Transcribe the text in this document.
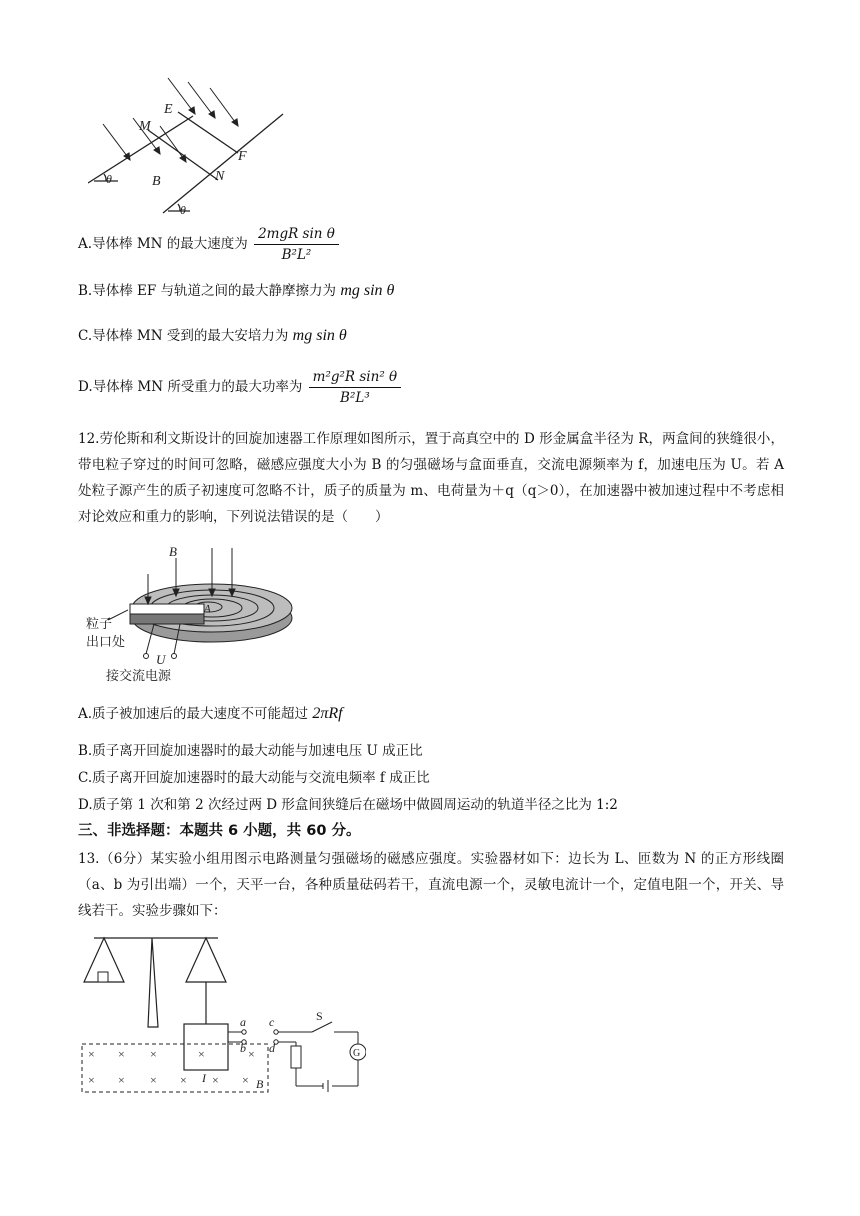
M
E
F
N
B
θ
θ
A.导体棒 MN 的最大速度为 $\frac{\text{2mgR sin θ}}{\text{B²L²}}$
B.导体棒 EF 与轨道之间的最大静摩擦力为 mg sin θ
C.导体棒 MN 受到的最大安培力为 mg sin θ
D.导体棒 MN 所受重力的最大功率为 $\frac{\text{m²g²R sin² θ}}{\text{B²L³}}$
12.劳伦斯和利文斯设计的回旋加速器工作原理如图所示，置于高真空中的 D 形金属盒半径为 R，两盒间的狭缝很小，带电粒子穿过的时间可忽略，磁感应强度大小为 B 的匀强磁场与盒面垂直，交流电源频率为 f，加速电压为 U。若 A 处粒子源产生的质子初速度可忽略不计，质子的质量为 m、电荷量为＋q（q＞0），在加速器中被加速过程中不考虑相对论效应和重力的影响，下列说法错误的是（　　）
B
A
粒子
出口处
U
接交流电源
A.质子被加速后的最大速度不可能超过 2πRf
B.质子离开回旋加速器时的最大动能与加速电压 U 成正比
C.质子离开回旋加速器时的最大动能与交流电频率 f 成正比
D.质子第 1 次和第 2 次经过两 D 形盒间狭缝后在磁场中做圆周运动的轨道半径之比为 1:2
三、非选择题：本题共 6 小题，共 60 分。
13.（6分）某实验小组用图示电路测量匀强磁场的磁感应强度。实验器材如下：边长为 L、匝数为 N 的正方形线圈（a、b 为引出端）一个，天平一台，各种质量砝码若干，直流电源一个，灵敏电流计一个，定值电阻一个，开关、导线若干。实验步骤如下：
× × ×	×	×
× × × × × ×
a
b
c
d
S
G
I	B
